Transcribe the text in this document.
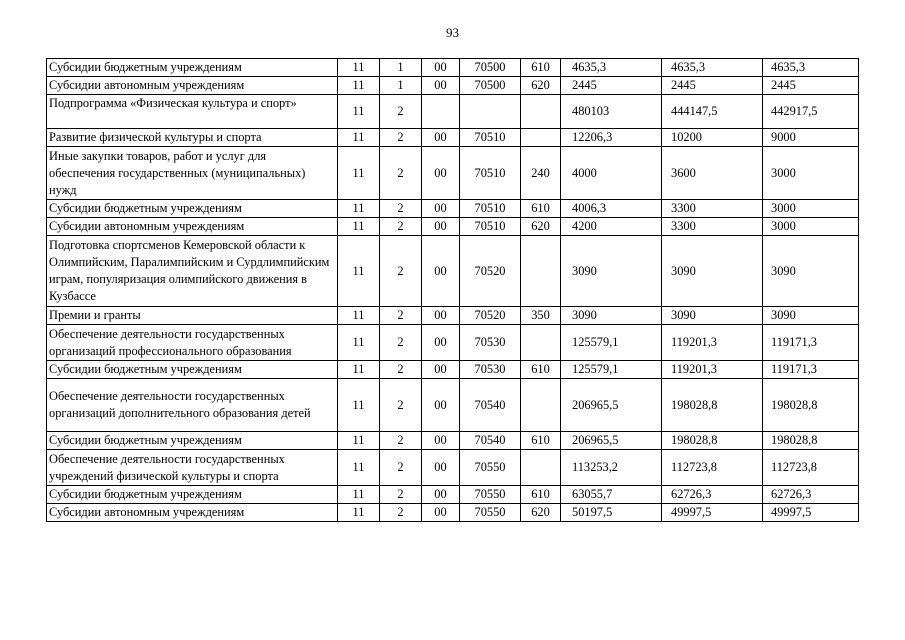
93
Субсидии бюджетным учреждениям	11	1	00	70500	610	4635,3	4635,3	4635,3
Субсидии автономным учреждениям	11	1	00	70500	620	2445	2445	2445
Подпрограмма «Физическая культура и спорт»	11	2				480103	444147,5	442917,5
Развитие физической культуры и спорта	11	2	00	70510		12206,3	10200	9000
Иные закупки товаров, работ и услуг для обеспечения государственных (муниципальных) нужд	11	2	00	70510	240	4000	3600	3000
Субсидии бюджетным учреждениям	11	2	00	70510	610	4006,3	3300	3000
Субсидии автономным учреждениям	11	2	00	70510	620	4200	3300	3000
Подготовка спортсменов Кемеровской области к Олимпийским, Паралимпийским и Сурдлимпийским играм, популяризация олимпийского движения в Кузбассе	11	2	00	70520		3090	3090	3090
Премии и гранты	11	2	00	70520	350	3090	3090	3090
Обеспечение деятельности государственных организаций профессионального образования	11	2	00	70530		125579,1	119201,3	119171,3
Субсидии бюджетным учреждениям	11	2	00	70530	610	125579,1	119201,3	119171,3
Обеспечение деятельности государственных организаций дополнительного образования детей	11	2	00	70540		206965,5	198028,8	198028,8
Субсидии бюджетным учреждениям	11	2	00	70540	610	206965,5	198028,8	198028,8
Обеспечение деятельности государственных учреждений физической культуры и спорта	11	2	00	70550		113253,2	112723,8	112723,8
Субсидии бюджетным учреждениям	11	2	00	70550	610	63055,7	62726,3	62726,3
Субсидии автономным учреждениям	11	2	00	70550	620	50197,5	49997,5	49997,5
